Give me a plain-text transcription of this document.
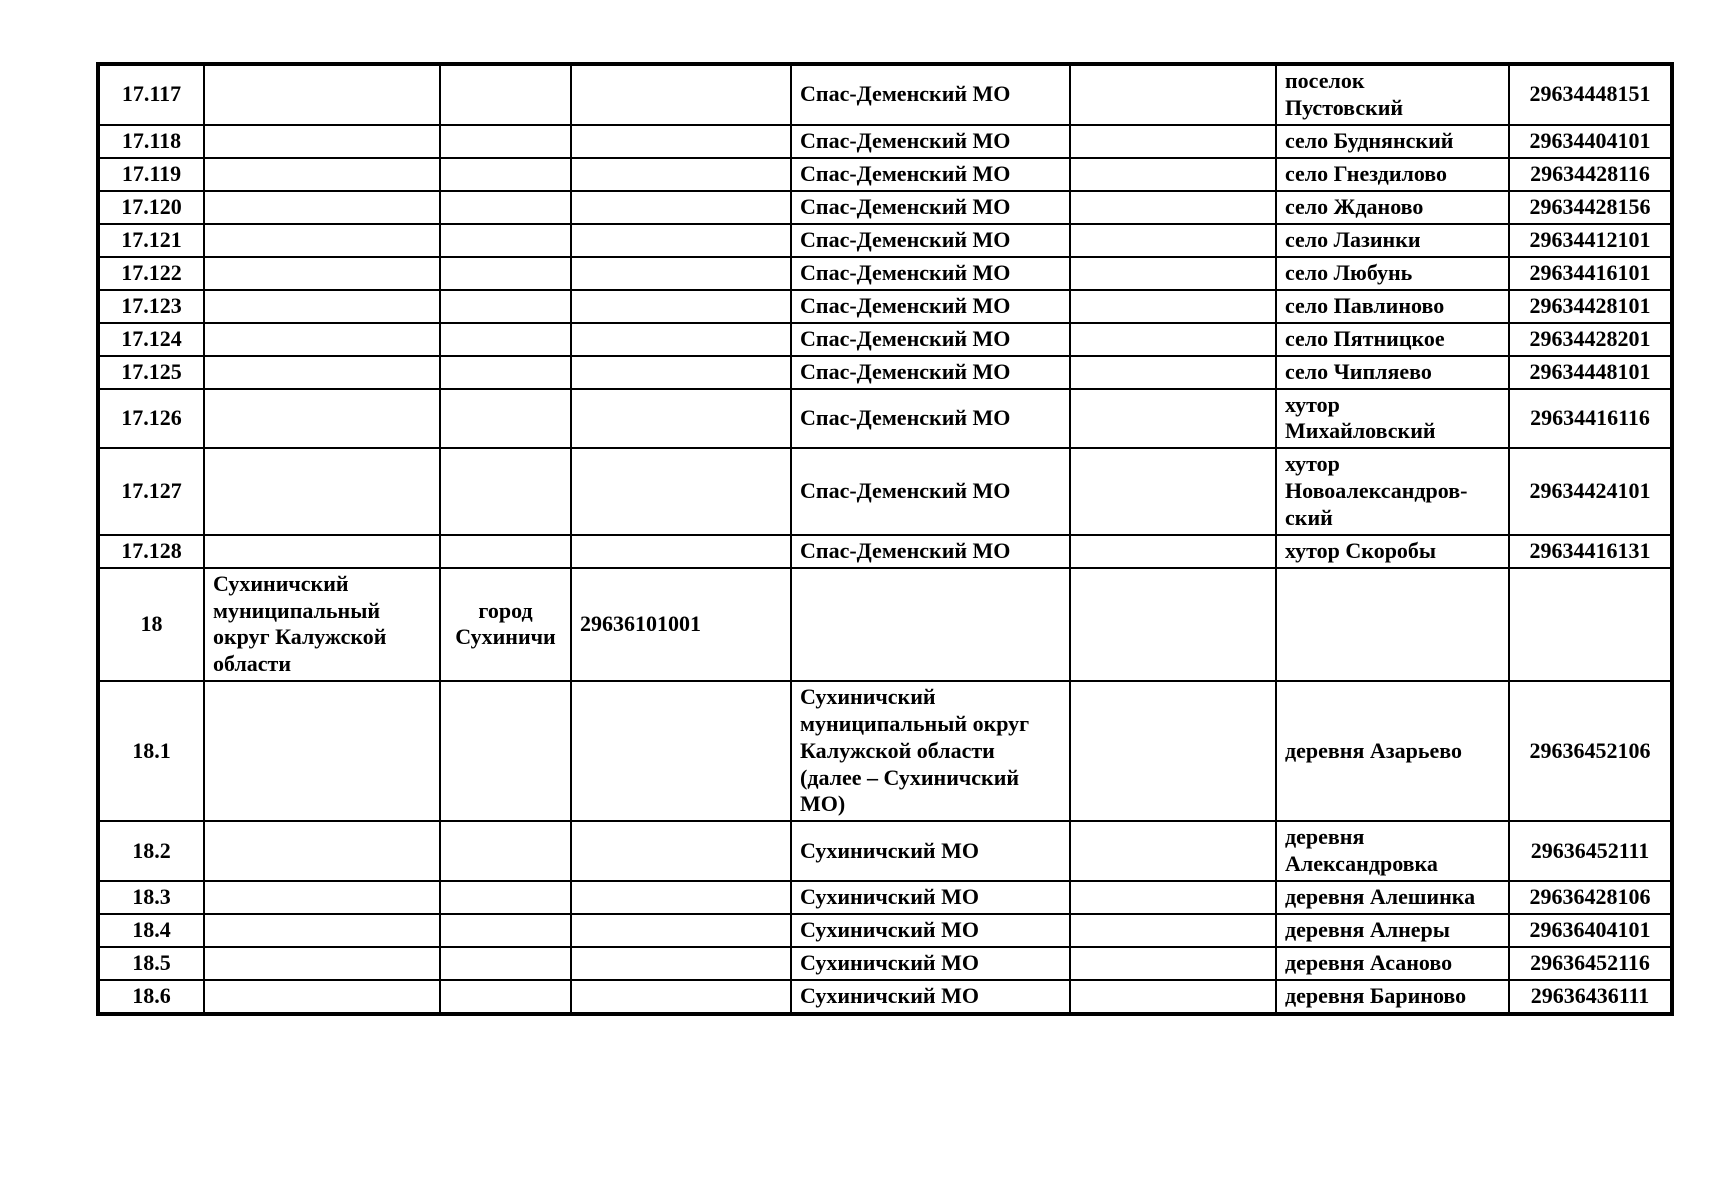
17.117				Спас-Деменский МО		поселок
Пустовский	29634448151
17.118				Спас-Деменский МО		село Буднянский	29634404101
17.119				Спас-Деменский МО		село Гнездилово	29634428116
17.120				Спас-Деменский МО		село Жданово	29634428156
17.121				Спас-Деменский МО		село Лазинки	29634412101
17.122				Спас-Деменский МО		село Любунь	29634416101
17.123				Спас-Деменский МО		село Павлиново	29634428101
17.124				Спас-Деменский МО		село Пятницкое	29634428201
17.125				Спас-Деменский МО		село Чипляево	29634448101
17.126				Спас-Деменский МО		хутор
Михайловский	29634416116
17.127				Спас-Деменский МО		хутор
Новоалександров-
ский	29634424101
17.128				Спас-Деменский МО		хутор Скоробы	29634416131
18	Сухиничский
муниципальный
округ Калужской
области	город
Сухиничи	29636101001				
18.1				Сухиничский
муниципальный округ
Калужской области
(далее – Сухиничский
МО)		деревня Азарьево	29636452106
18.2				Сухиничский МО		деревня
Александровка	29636452111
18.3				Сухиничский МО		деревня Алешинка	29636428106
18.4				Сухиничский МО		деревня Алнеры	29636404101
18.5				Сухиничский МО		деревня Асаново	29636452116
18.6				Сухиничский МО		деревня Бариново	29636436111
